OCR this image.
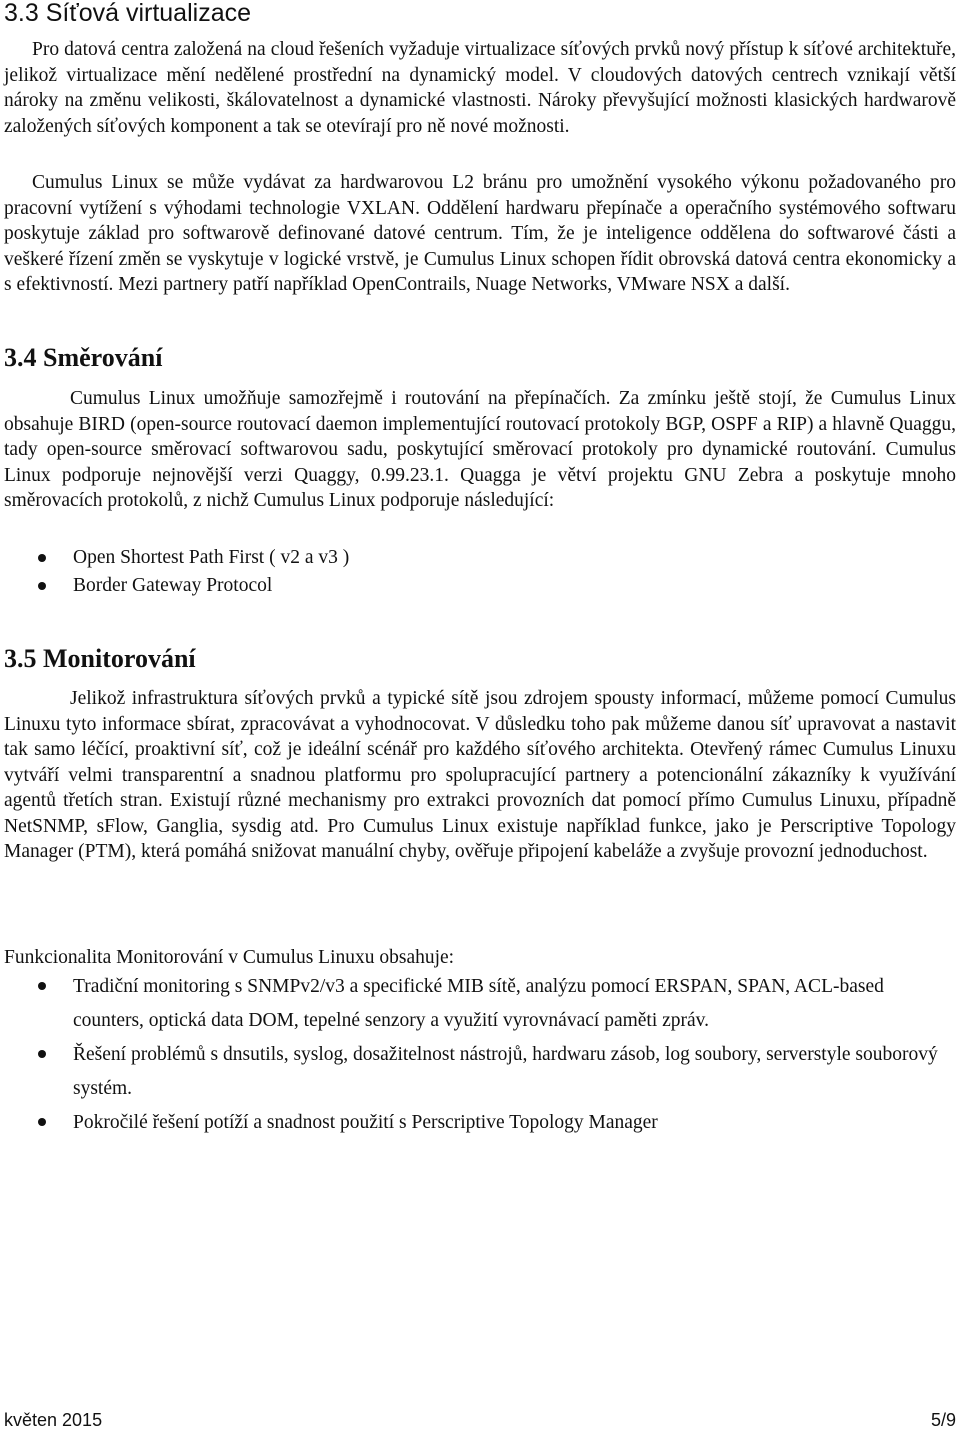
3.3 Síťová virtualizace

Pro datová centra založená na cloud řešeních vyžaduje virtualizace síťových prvků nový přístup k síťové architektuře, jelikož virtualizace mění nedělené prostřední na dynamický model. V cloudových datových centrech vznikají větší nároky na změnu velikosti, škálovatelnost a dynamické vlastnosti. Nároky převyšující možnosti klasických hardwarově založených síťových komponent a tak se otevírají pro ně nové možnosti.

Cumulus Linux se může vydávat za hardwarovou L2 bránu pro umožnění vysokého výkonu požadovaného pro pracovní vytížení s výhodami technologie VXLAN. Oddělení hardwaru přepínače a operačního systémového softwaru poskytuje základ pro softwarově definované datové centrum. Tím, že je inteligence oddělena do softwarové části a veškeré řízení změn se vyskytuje v logické vrstvě, je Cumulus Linux schopen řídit obrovská datová centra ekonomicky a s efektivností. Mezi partnery patří například OpenContrails, Nuage Networks, VMware NSX a další.

3.4 Směrování

Cumulus Linux umožňuje samozřejmě i routování na přepínačích. Za zmínku ještě stojí, že Cumulus Linux obsahuje BIRD (open-source routovací daemon implementující routovací protokoly BGP, OSPF a RIP) a hlavně Quaggu, tady open-source směrovací softwarovou sadu, poskytující směrovací protokoly pro dynamické routování. Cumulus Linux podporuje nejnovější verzi Quaggy, 0.99.23.1. Quagga je větví projektu GNU Zebra a poskytuje mnoho směrovacích protokolů, z nichž Cumulus Linux podporuje následující:

Open Shortest Path First ( v2 a v3 )
Border Gateway Protocol
3.5 Monitorování

Jelikož infrastruktura síťových prvků a typické sítě jsou zdrojem spousty informací, můžeme pomocí Cumulus Linuxu tyto informace sbírat, zpracovávat a vyhodnocovat. V důsledku toho pak můžeme danou síť upravovat a nastavit tak samo léčící, proaktivní síť, což je ideální scénář pro každého síťového architekta. Otevřený rámec Cumulus Linuxu vytváří velmi transparentní a snadnou platformu pro spolupracující partnery a potencionální zákazníky k využívání agentů třetích stran. Existují různé mechanismy pro extrakci provozních dat pomocí přímo Cumulus Linuxu, případně NetSNMP, sFlow, Ganglia, sysdig atd. Pro Cumulus Linux existuje například funkce, jako je Perscriptive Topology Manager (PTM), která pomáhá snižovat manuální chyby, ověřuje připojení kabeláže a zvyšuje provozní jednoduchost.

Funkcionalita Monitorování v Cumulus Linuxu obsahuje:

Tradiční monitoring s SNMPv2/v3 a specifické MIB sítě, analýzu pomocí ERSPAN, SPAN, ACL-based counters, optická data DOM, tepelné senzory a využití vyrovnávací paměti zpráv.
Řešení problémů s dnsutils, syslog, dosažitelnost nástrojů, hardwaru zásob, log soubory, serverstyle souborový systém.
Pokročilé řešení potíží a snadnost použití s Perscriptive Topology Manager
květen 2015	5/9
